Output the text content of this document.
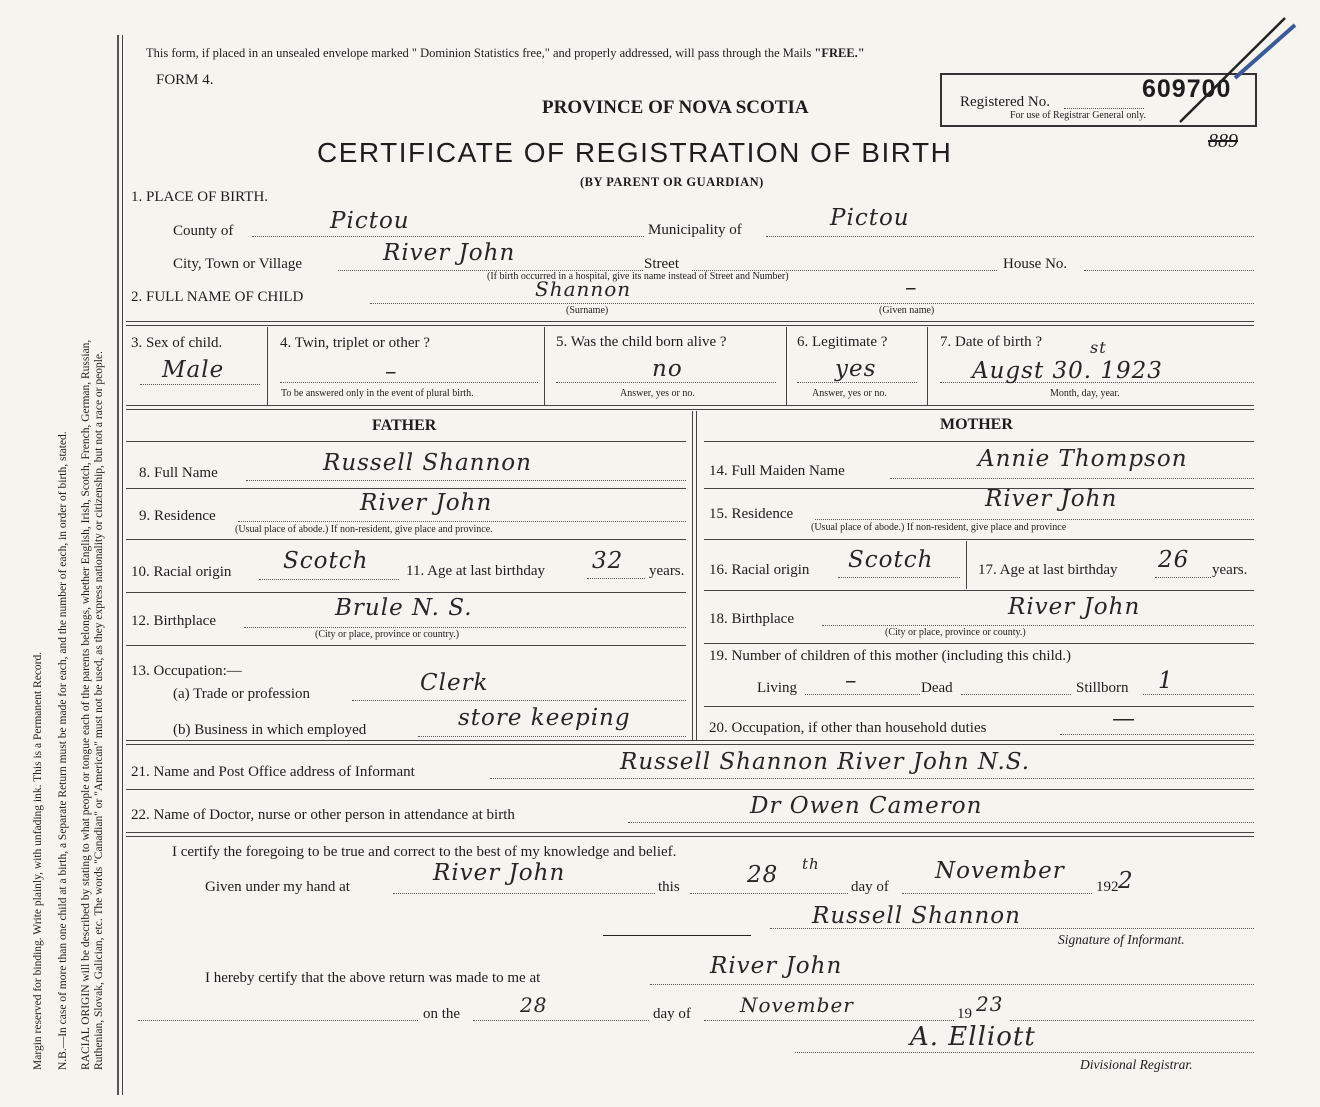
Margin reserved for binding. Write plainly, with unfading ink. This is a Permanent Record. N.B.—In case of more than one child at a birth, a Separate Return must be made for each, and the number of each, in order of birth, stated. RACIAL ORIGIN will be described by stating to what people or tongue each of the parents belongs, whether English, Irish, Scotch, French, German, Russian, Ruthenian, Slovak, Galician, etc. The words "Canadian" or "American" must not be used, as they express nationality or citizenship, but not a race or people.
This form, if placed in an unsealed envelope marked " Dominion Statistics free," and properly addressed, will pass through the Mails "FREE."
FORM 4.
PROVINCE OF NOVA SCOTIA
CERTIFICATE OF REGISTRATION OF BIRTH
(BY PARENT OR GUARDIAN)
Registered No.	609700
For use of Registrar General only.
889
1. PLACE OF BIRTH.
County of	Pictou	Municipality of	Pictou
City, Town or Village	River John	Street	House No.
(If birth occurred in a hospital, give its name instead of Street and Number)
2. FULL NAME OF CHILD	Shannon	–
(Surname)	(Given name)
3. Sex of child.
Male
4. Twin, triplet or other ?
–
To be answered only in the event of plural birth.
5. Was the child born alive ?
no
Answer, yes or no.
6. Legitimate ?
yes
Answer, yes or no.
7. Date of birth ?
Augst 30. 1923
st
Month, day, year.
FATHER
8. Full Name	Russell Shannon
9. Residence	River John
(Usual place of abode.) If non-resident, give place and province.
10. Racial origin Scotch	11. Age at last birthday 32 years.
12. Birthplace	Brule N. S.
(City or place, province or country.)
13. Occupation:—
(a) Trade or profession	Clerk
(b) Business in which employed	store keeping
MOTHER
14. Full Maiden Name	Annie Thompson
15. Residence
River John
(Usual place of abode.) If non-resident, give place and province
16. Racial origin Scotch	17. Age at last birthday 26 years.
18. Birthplace	River John
(City or place, province or county.)
19. Number of children of this mother (including this child.)
Living –	Dead	Stillborn 1
20. Occupation, if other than household duties	—
21. Name and Post Office address of Informant	Russell Shannon River John N.S.
22. Name of Doctor, nurse or other person in attendance at birth	Dr Owen Cameron
I certify the foregoing to be true and correct to the best of my knowledge and belief.
Given under my hand at
River John
this	28 th
day of
November
192 2
Russell Shannon
Signature of Informant.
I hereby certify that the above return was made to me at	River John
on the	28	day of November	19 23
A. Elliott
Divisional Registrar.
